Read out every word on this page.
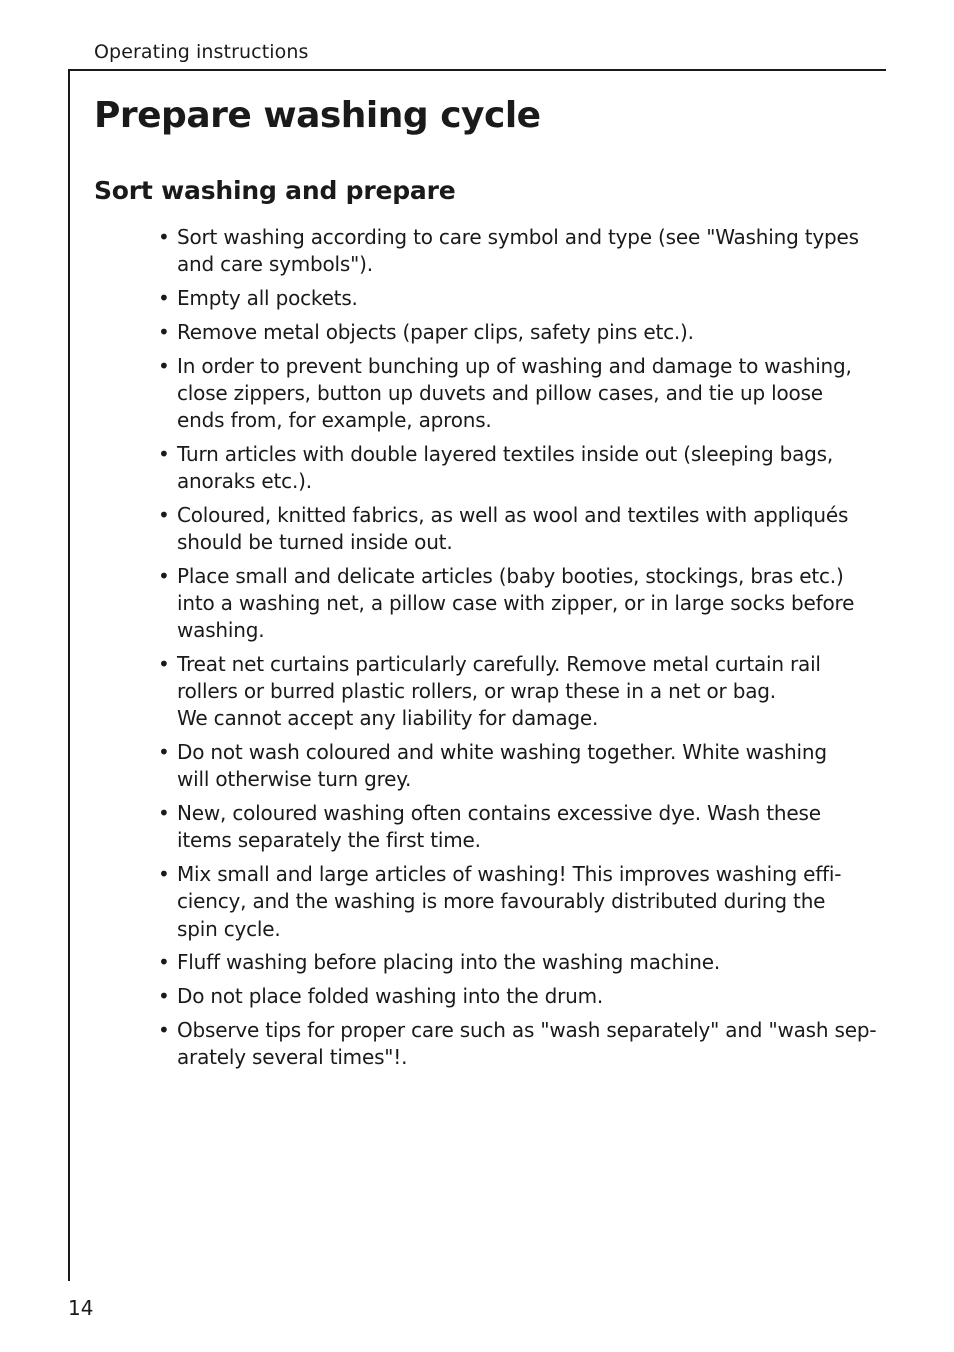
Operating instructions
Prepare washing cycle
Sort washing and prepare
• Sort washing according to care symbol and type (see "Washing types
and care symbols").
• Empty all pockets.
• Remove metal objects (paper clips, safety pins etc.).
• In order to prevent bunching up of washing and damage to washing,
close zippers, button up duvets and pillow cases, and tie up loose
ends from, for example, aprons.
• Turn articles with double layered textiles inside out (sleeping bags,
anoraks etc.).
• Coloured, knitted fabrics, as well as wool and textiles with appliqués
should be turned inside out.
• Place small and delicate articles (baby booties, stockings, bras etc.)
into a washing net, a pillow case with zipper, or in large socks before
washing.
• Treat net curtains particularly carefully. Remove metal curtain rail
rollers or burred plastic rollers, or wrap these in a net or bag.
We cannot accept any liability for damage.
• Do not wash coloured and white washing together. White washing
will otherwise turn grey.
• New, coloured washing often contains excessive dye. Wash these
items separately the first time.
• Mix small and large articles of washing! This improves washing effi-
ciency, and the washing is more favourably distributed during the
spin cycle.
• Fluff washing before placing into the washing machine.
• Do not place folded washing into the drum.
• Observe tips for proper care such as "wash separately" and "wash sep-
arately several times"!.
14
